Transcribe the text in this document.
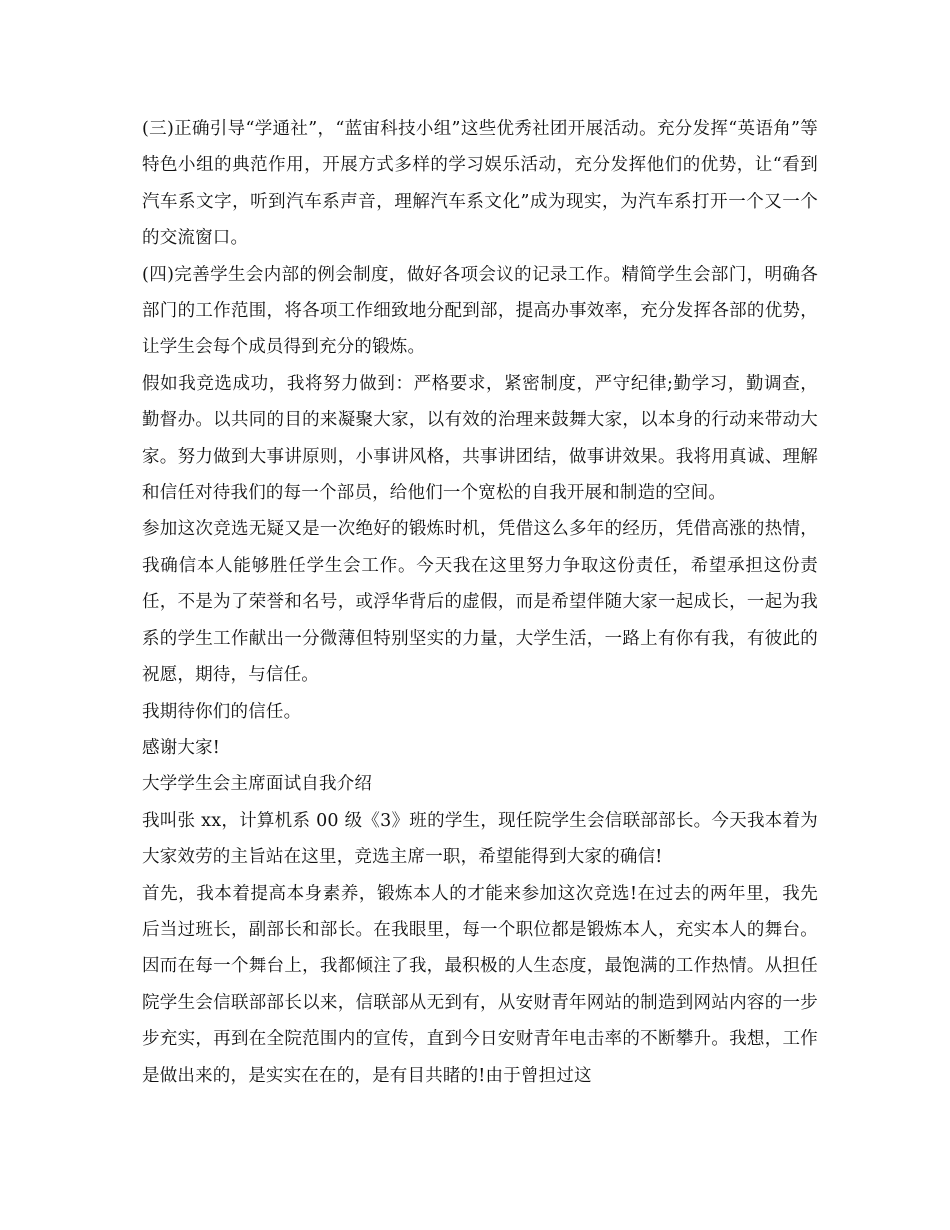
(三)正确引导“学通社”，“蓝宙科技小组”这些优秀社团开展活动。充分发挥“英语角”等特色小组的典范作用，开展方式多样的学习娱乐活动，充分发挥他们的优势，让“看到汽车系文字，听到汽车系声音，理解汽车系文化”成为现实，为汽车系打开一个又一个的交流窗口。

(四)完善学生会内部的例会制度，做好各项会议的记录工作。精简学生会部门，明确各部门的工作范围，将各项工作细致地分配到部，提高办事效率，充分发挥各部的优势，让学生会每个成员得到充分的锻炼。

假如我竞选成功，我将努力做到：严格要求，紧密制度，严守纪律;勤学习，勤调查，勤督办。以共同的目的来凝聚大家，以有效的治理来鼓舞大家，以本身的行动来带动大家。努力做到大事讲原则，小事讲风格，共事讲团结，做事讲效果。我将用真诚、理解和信任对待我们的每一个部员，给他们一个宽松的自我开展和制造的空间。

参加这次竞选无疑又是一次绝好的锻炼时机，凭借这么多年的经历，凭借高涨的热情，我确信本人能够胜任学生会工作。今天我在这里努力争取这份责任，希望承担这份责任，不是为了荣誉和名号，或浮华背后的虚假，而是希望伴随大家一起成长，一起为我系的学生工作献出一分微薄但特别坚实的力量，大学生活，一路上有你有我，有彼此的祝愿，期待，与信任。

我期待你们的信任。

感谢大家!

大学学生会主席面试自我介绍

我叫张 xx，计算机系 00 级《3》班的学生，现任院学生会信联部部长。今天我本着为大家效劳的主旨站在这里，竞选主席一职，希望能得到大家的确信!

首先，我本着提高本身素养，锻炼本人的才能来参加这次竞选!在过去的两年里，我先后当过班长，副部长和部长。在我眼里，每一个职位都是锻炼本人，充实本人的舞台。因而在每一个舞台上，我都倾注了我，最积极的人生态度，最饱满的工作热情。从担任院学生会信联部部长以来，信联部从无到有，从安财青年网站的制造到网站内容的一步步充实，再到在全院范围内的宣传，直到今日安财青年电击率的不断攀升。我想，工作是做出来的，是实实在在的，是有目共睹的!由于曾担过这
